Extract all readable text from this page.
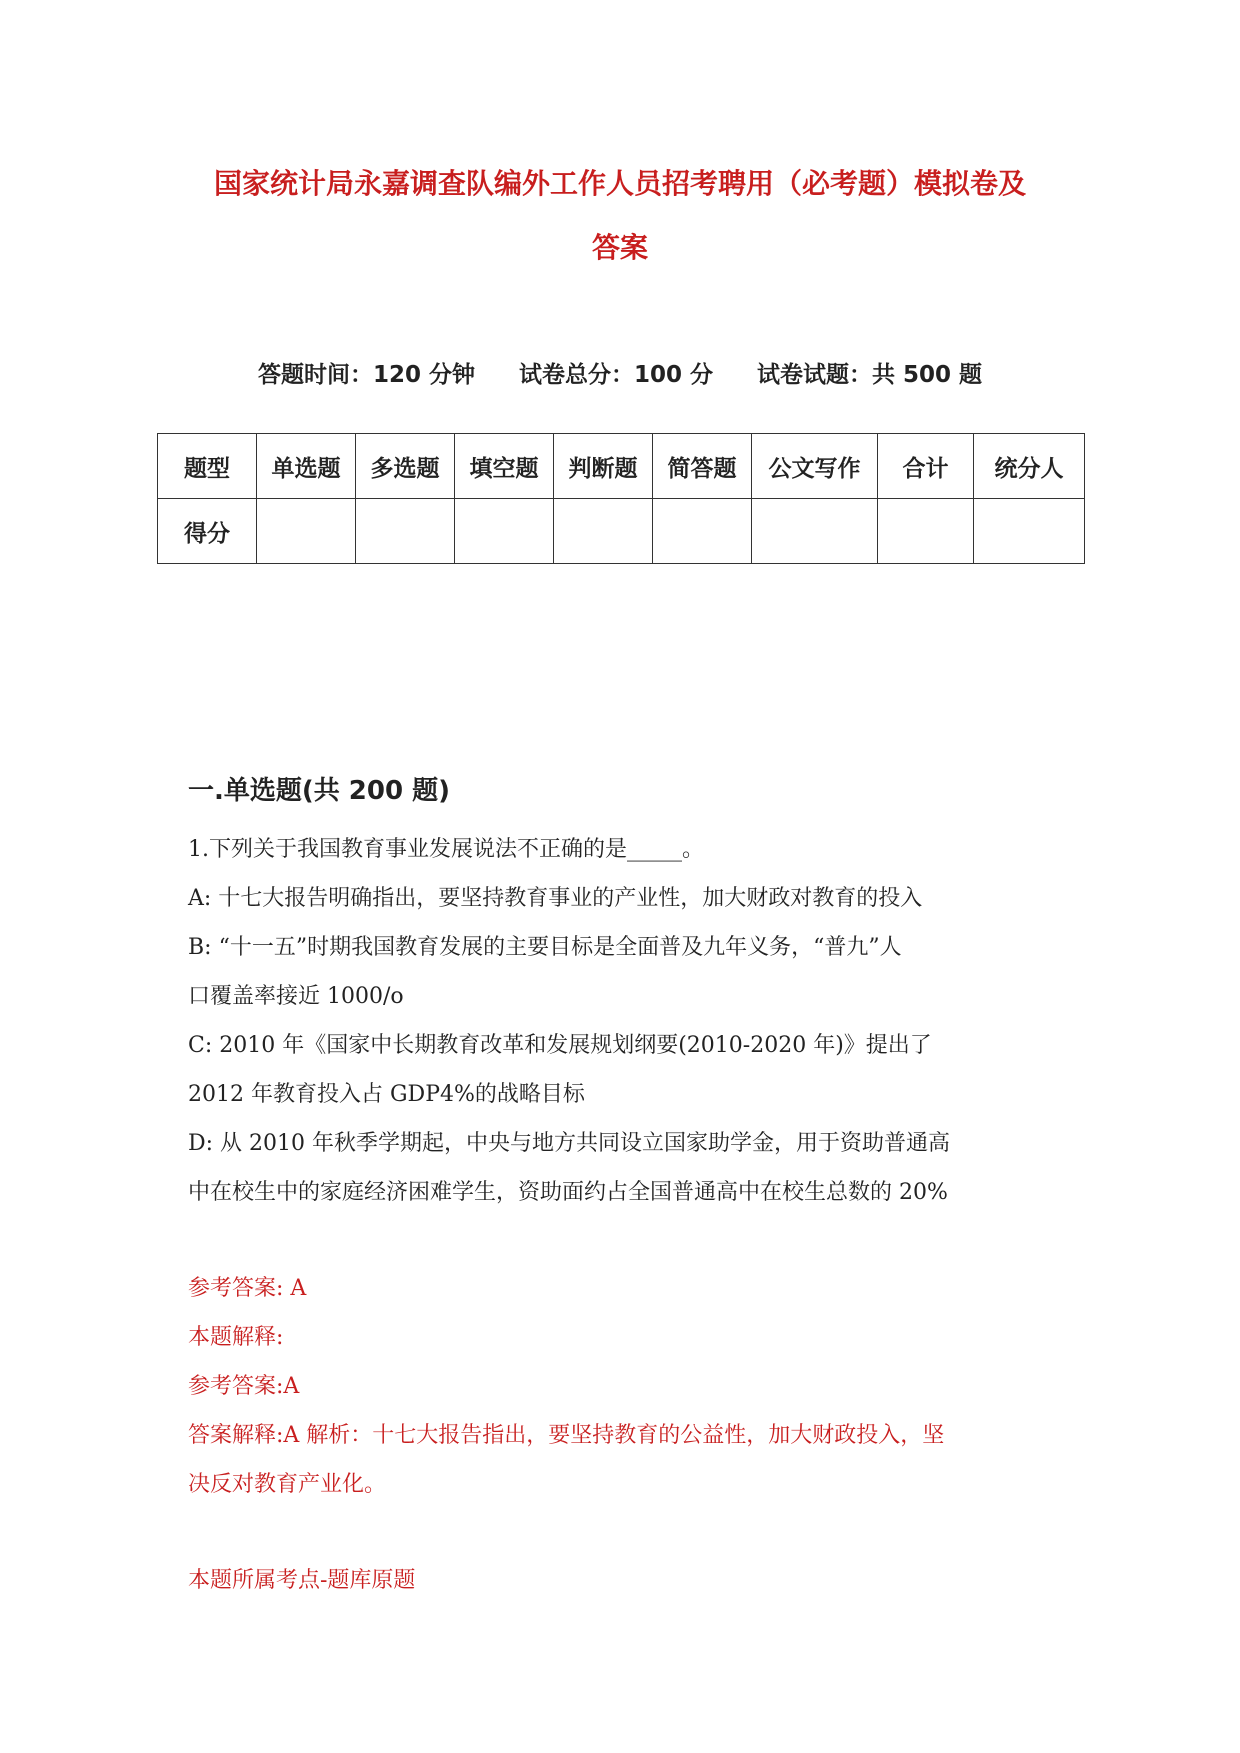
国家统计局永嘉调查队编外工作人员招考聘用（必考题）模拟卷及
答案
答题时间：120 分钟 试卷总分：100 分 试卷试题：共 500 题
题型	单选题	多选题	填空题	判断题	简答题	公文写作	合计	统分人
得分								
一.单选题(共 200 题)

1.下列关于我国教育事业发展说法不正确的是_____。

A: 十七大报告明确指出，要坚持教育事业的产业性，加大财政对教育的投入

B: “十一五”时期我国教育发展的主要目标是全面普及九年义务，“普九”人

口覆盖率接近 1000/o

C: 2010 年《国家中长期教育改革和发展规划纲要(2010-2020 年)》提出了

2012 年教育投入占 GDP4%的战略目标

D: 从 2010 年秋季学期起，中央与地方共同设立国家助学金，用于资助普通高

中在校生中的家庭经济困难学生，资助面约占全国普通高中在校生总数的 20%

参考答案: A

本题解释:

参考答案:A

答案解释:A 解析：十七大报告指出，要坚持教育的公益性，加大财政投入，坚

决反对教育产业化。

本题所属考点-题库原题
